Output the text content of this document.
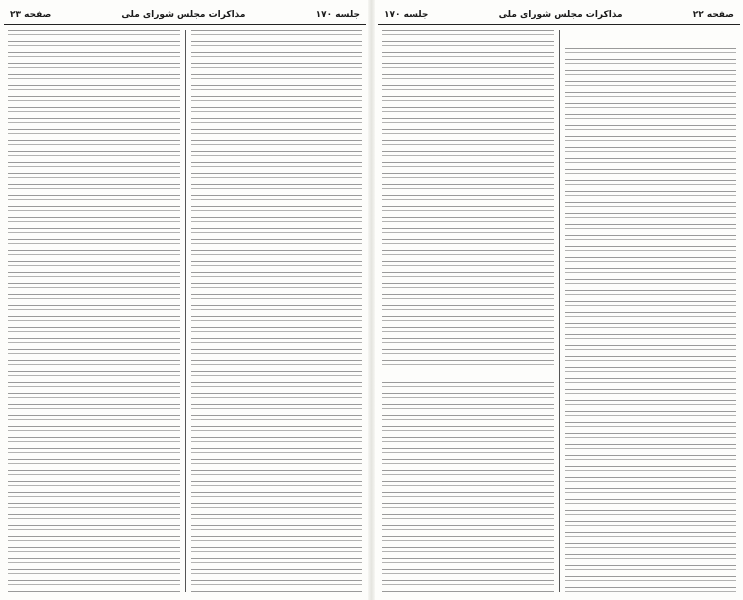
صفحه ۲۲
مذاکرات مجلس شورای ملی
جلسه ۱۷۰
جلسه ۱۷۰
مذاکرات مجلس شورای ملی
صفحه ۲۳
